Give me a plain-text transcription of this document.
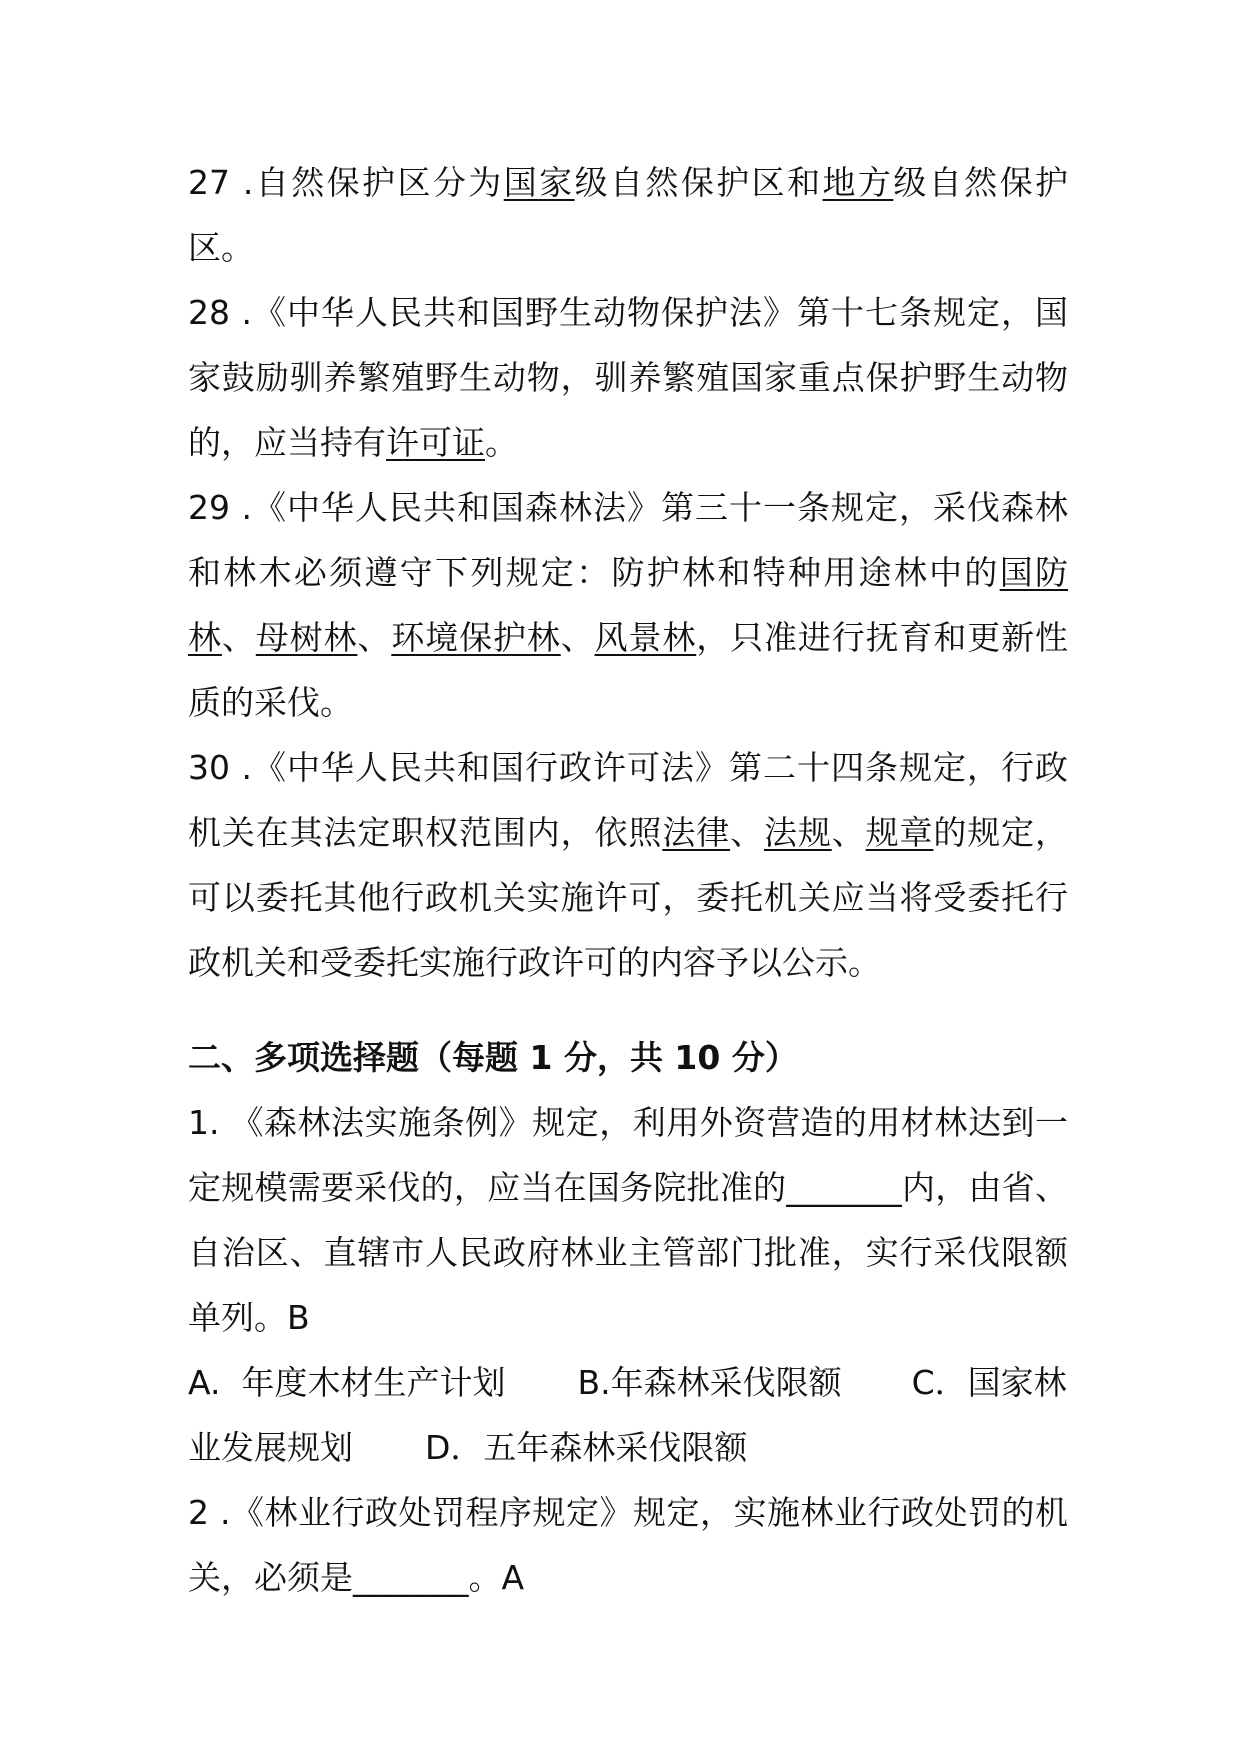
27 .自然保护区分为国家级自然保护区和地方级自然保护区。

28 .《中华人民共和国野生动物保护法》第十七条规定，国家鼓励驯养繁殖野生动物，驯养繁殖国家重点保护野生动物的，应当持有许可证。

29 .《中华人民共和国森林法》第三十一条规定，采伐森林和林木必须遵守下列规定：防护林和特种用途林中的国防林、母树林、环境保护林、风景林，只准进行抚育和更新性质的采伐。

30 .《中华人民共和国行政许可法》第二十四条规定，行政机关在其法定职权范围内，依照法律、法规、规章的规定，可以委托其他行政机关实施许可，委托机关应当将受委托行政机关和受委托实施行政许可的内容予以公示。

二、多项选择题（每题 1 分，共 10 分）

1. 《森林法实施条例》规定，利用外资营造的用材林达到一定规模需要采伐的，应当在国务院批准的_______内，由省、自治区、直辖市人民政府林业主管部门批准，实行采伐限额单列。B

A.  年度木材生产计划 B.年森林采伐限额 C．国家林业发展规划 D．五年森林采伐限额

2 .《林业行政处罚程序规定》规定，实施林业行政处罚的机关，必须是_______。A
